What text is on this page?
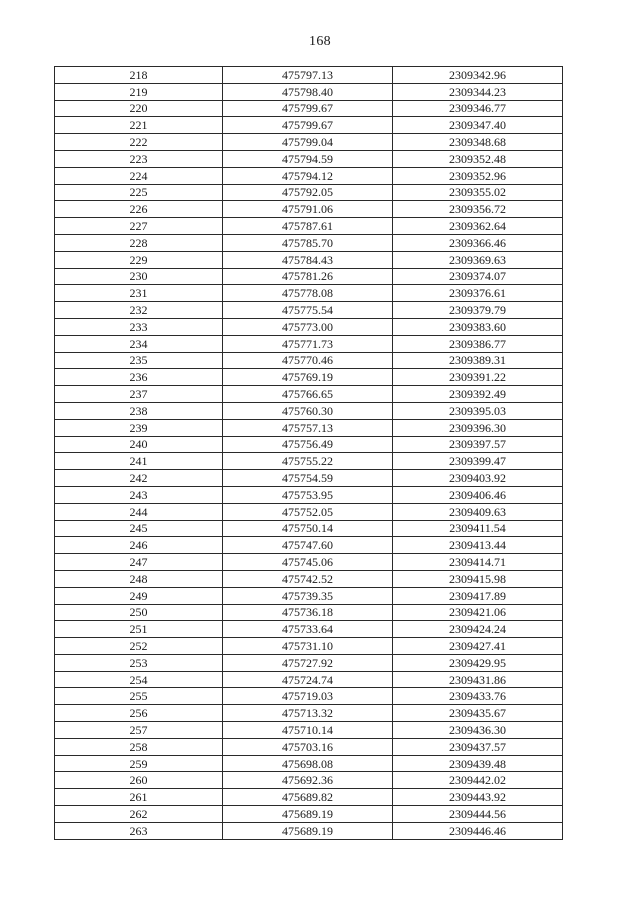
168
218	475797.13	2309342.96
219	475798.40	2309344.23
220	475799.67	2309346.77
221	475799.67	2309347.40
222	475799.04	2309348.68
223	475794.59	2309352.48
224	475794.12	2309352.96
225	475792.05	2309355.02
226	475791.06	2309356.72
227	475787.61	2309362.64
228	475785.70	2309366.46
229	475784.43	2309369.63
230	475781.26	2309374.07
231	475778.08	2309376.61
232	475775.54	2309379.79
233	475773.00	2309383.60
234	475771.73	2309386.77
235	475770.46	2309389.31
236	475769.19	2309391.22
237	475766.65	2309392.49
238	475760.30	2309395.03
239	475757.13	2309396.30
240	475756.49	2309397.57
241	475755.22	2309399.47
242	475754.59	2309403.92
243	475753.95	2309406.46
244	475752.05	2309409.63
245	475750.14	2309411.54
246	475747.60	2309413.44
247	475745.06	2309414.71
248	475742.52	2309415.98
249	475739.35	2309417.89
250	475736.18	2309421.06
251	475733.64	2309424.24
252	475731.10	2309427.41
253	475727.92	2309429.95
254	475724.74	2309431.86
255	475719.03	2309433.76
256	475713.32	2309435.67
257	475710.14	2309436.30
258	475703.16	2309437.57
259	475698.08	2309439.48
260	475692.36	2309442.02
261	475689.82	2309443.92
262	475689.19	2309444.56
263	475689.19	2309446.46
